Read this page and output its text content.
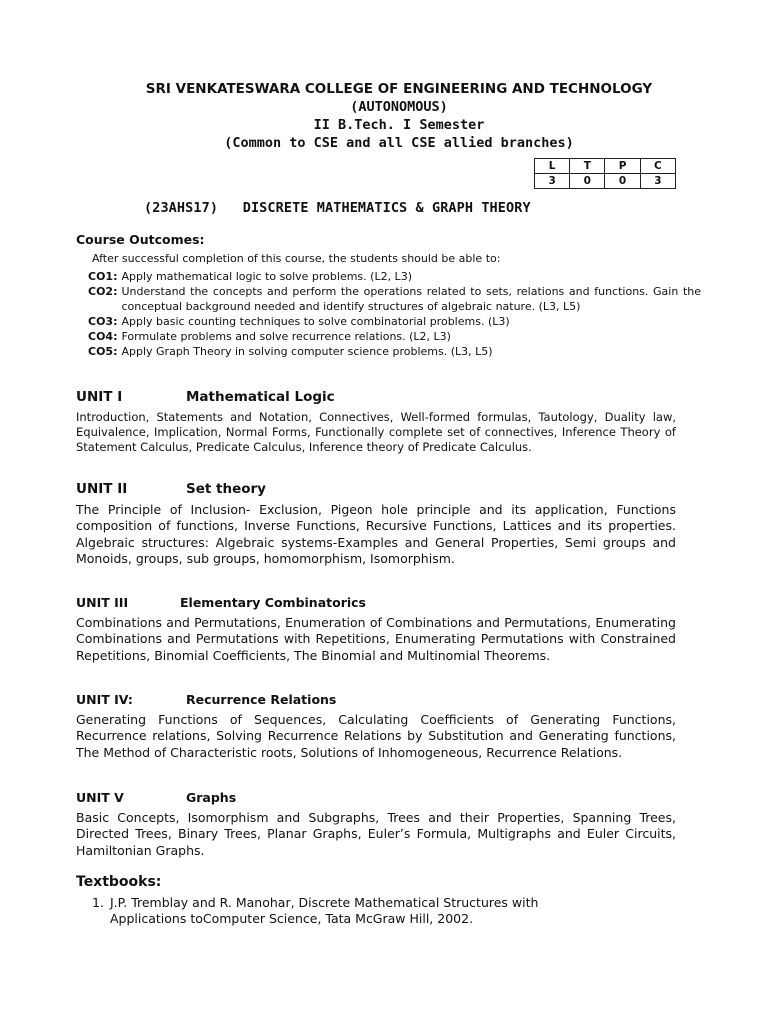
SRI VENKATESWARA COLLEGE OF ENGINEERING AND TECHNOLOGY
(AUTONOMOUS)
II B.Tech. I Semester
(Common to CSE and all CSE allied branches)
L	T	P	C
3	0	0	3
(23AHS17)   DISCRETE MATHEMATICS & GRAPH THEORY
Course Outcomes:
After successful completion of this course, the students should be able to:
CO1: Apply mathematical logic to solve problems. (L2, L3)
CO2: Understand the concepts and perform the operations related to sets, relations and functions. Gain the conceptual background needed and identify structures of algebraic nature. (L3, L5)
CO3: Apply basic counting techniques to solve combinatorial problems. (L3)
CO4: Formulate problems and solve recurrence relations. (L2, L3)
CO5: Apply Graph Theory in solving computer science problems. (L3, L5)
UNIT I	Mathematical Logic
Introduction, Statements and Notation, Connectives, Well-formed formulas, Tautology, Duality law, Equivalence, Implication, Normal Forms, Functionally complete set of connectives, Inference Theory of Statement Calculus, Predicate Calculus, Inference theory of Predicate Calculus.
UNIT II	Set theory
The Principle of Inclusion- Exclusion, Pigeon hole principle and its application, Functions composition of functions, Inverse Functions, Recursive Functions, Lattices and its properties. Algebraic structures: Algebraic systems-Examples and General Properties, Semi groups and Monoids, groups, sub groups, homomorphism, Isomorphism.
UNIT III	Elementary Combinatorics
Combinations and Permutations, Enumeration of Combinations and Permutations, Enumerating Combinations and Permutations with Repetitions, Enumerating Permutations with Constrained Repetitions, Binomial Coefficients, The Binomial and Multinomial Theorems.
UNIT IV:	Recurrence Relations
Generating Functions of Sequences, Calculating Coefficients of Generating Functions, Recurrence relations, Solving Recurrence Relations by Substitution and Generating functions, The Method of Characteristic roots, Solutions of Inhomogeneous, Recurrence Relations.
UNIT V	Graphs
Basic Concepts, Isomorphism and Subgraphs, Trees and their Properties, Spanning Trees, Directed Trees, Binary Trees, Planar Graphs, Euler’s Formula, Multigraphs and Euler Circuits, Hamiltonian Graphs.
Textbooks:
1. J.P. Tremblay and R. Manohar, Discrete Mathematical Structures with
Applications toComputer Science, Tata McGraw Hill, 2002.
